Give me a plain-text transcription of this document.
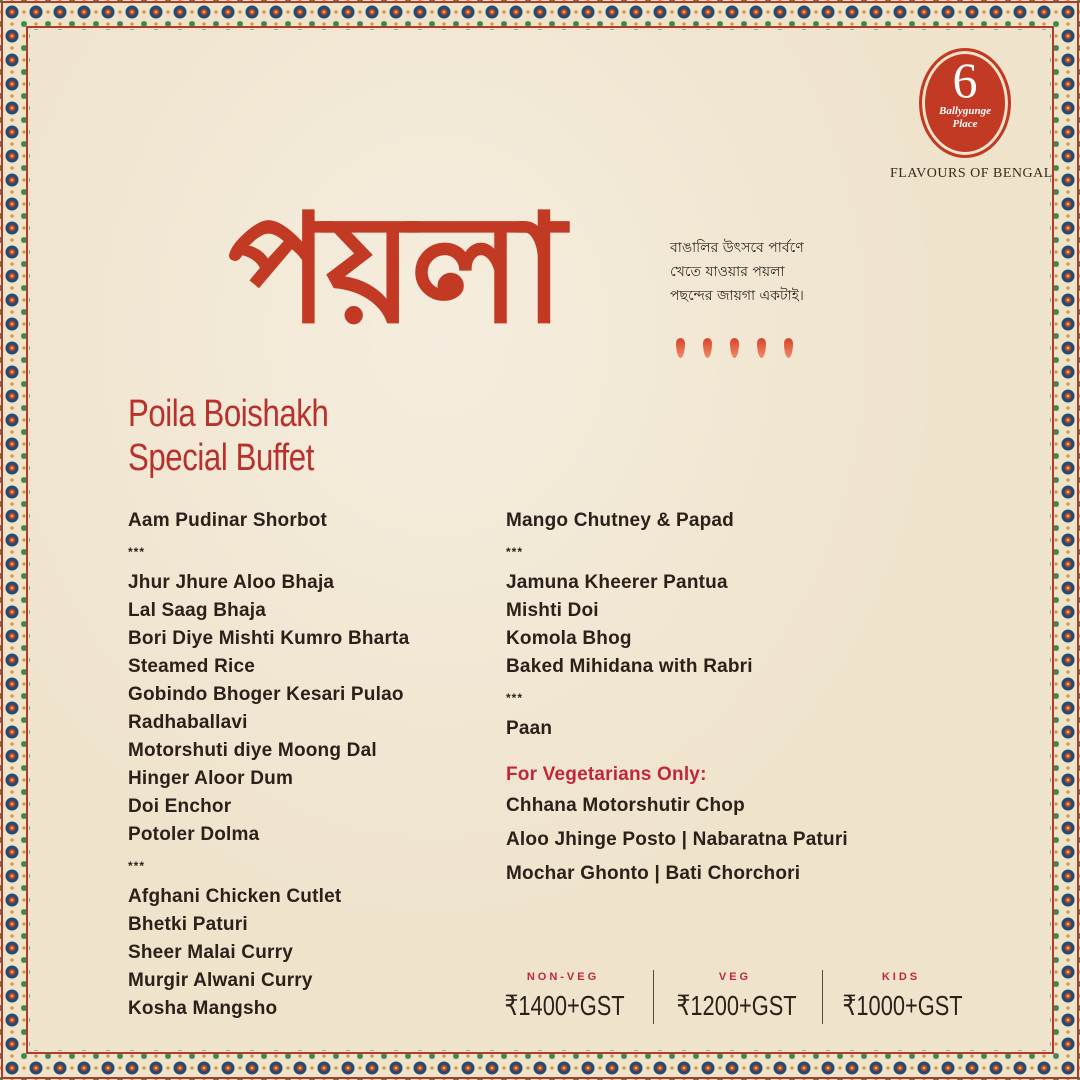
6
Ballygunge Place
FLAVOURS OF BENGAL
পয়লা	বাঙালির উৎসবে পার্বণে
খেতে যাওয়ার পয়লা
পছন্দের জায়গা একটাই।
Poila Boishakh
Special Buffet
Aam Pudinar Shorbot
***
Jhur Jhure Aloo Bhaja
Lal Saag Bhaja
Bori Diye Mishti Kumro Bharta
Steamed Rice
Gobindo Bhoger Kesari Pulao
Radhaballavi
Motorshuti diye Moong Dal
Hinger Aloor Dum
Doi Enchor
Potoler Dolma
***
Afghani Chicken Cutlet
Bhetki Paturi
Sheer Malai Curry
Murgir Alwani Curry
Kosha Mangsho
Mango Chutney & Papad
***
Jamuna Kheerer Pantua
Mishti Doi
Komola Bhog
Baked Mihidana with Rabri
***
Paan
For Vegetarians Only:
Chhana Motorshutir Chop
Aloo Jhinge Posto | Nabaratna Paturi
Mochar Ghonto | Bati Chorchori
NON-VEG
₹1400+GST
VEG
₹1200+GST
KIDS
₹1000+GST
